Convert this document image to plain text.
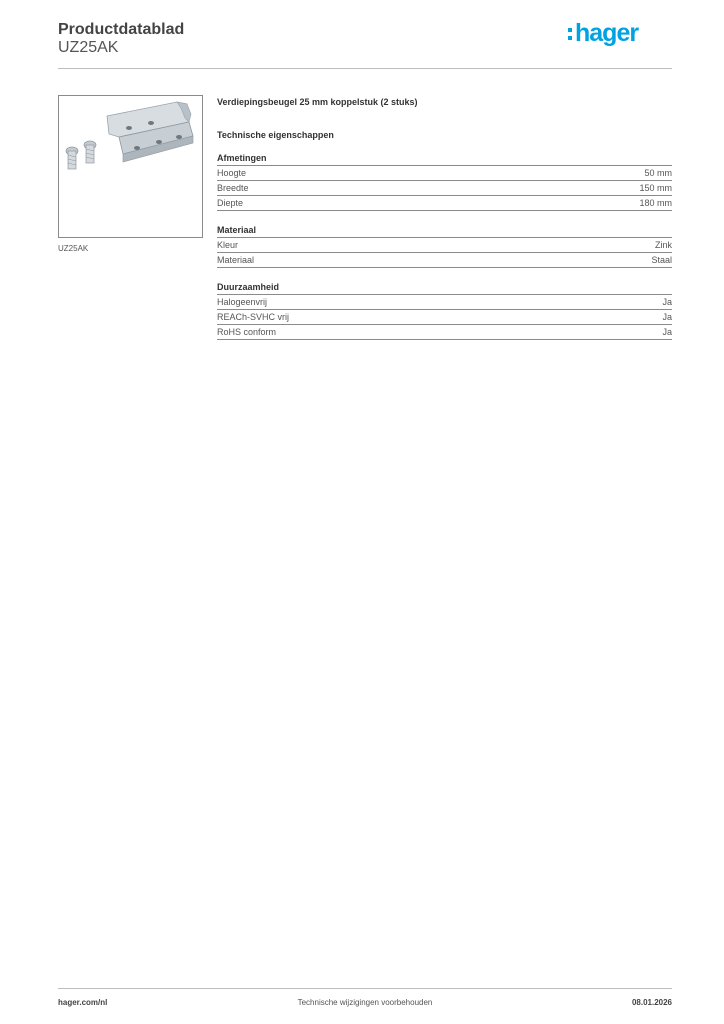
Productdatablad
UZ25AK
hager
UZ25AK
Verdiepingsbeugel 25 mm koppelstuk (2 stuks)
Technische eigenschappen
Afmetingen
Hoogte	50 mm
Breedte	150 mm
Diepte	180 mm
Materiaal
Kleur	Zink
Materiaal	Staal
Duurzaamheid
Halogeenvrij	Ja
REACh-SVHC vrij	Ja
RoHS conform	Ja
hager.com/nl	Technische wijzigingen voorbehouden	08.01.2026
